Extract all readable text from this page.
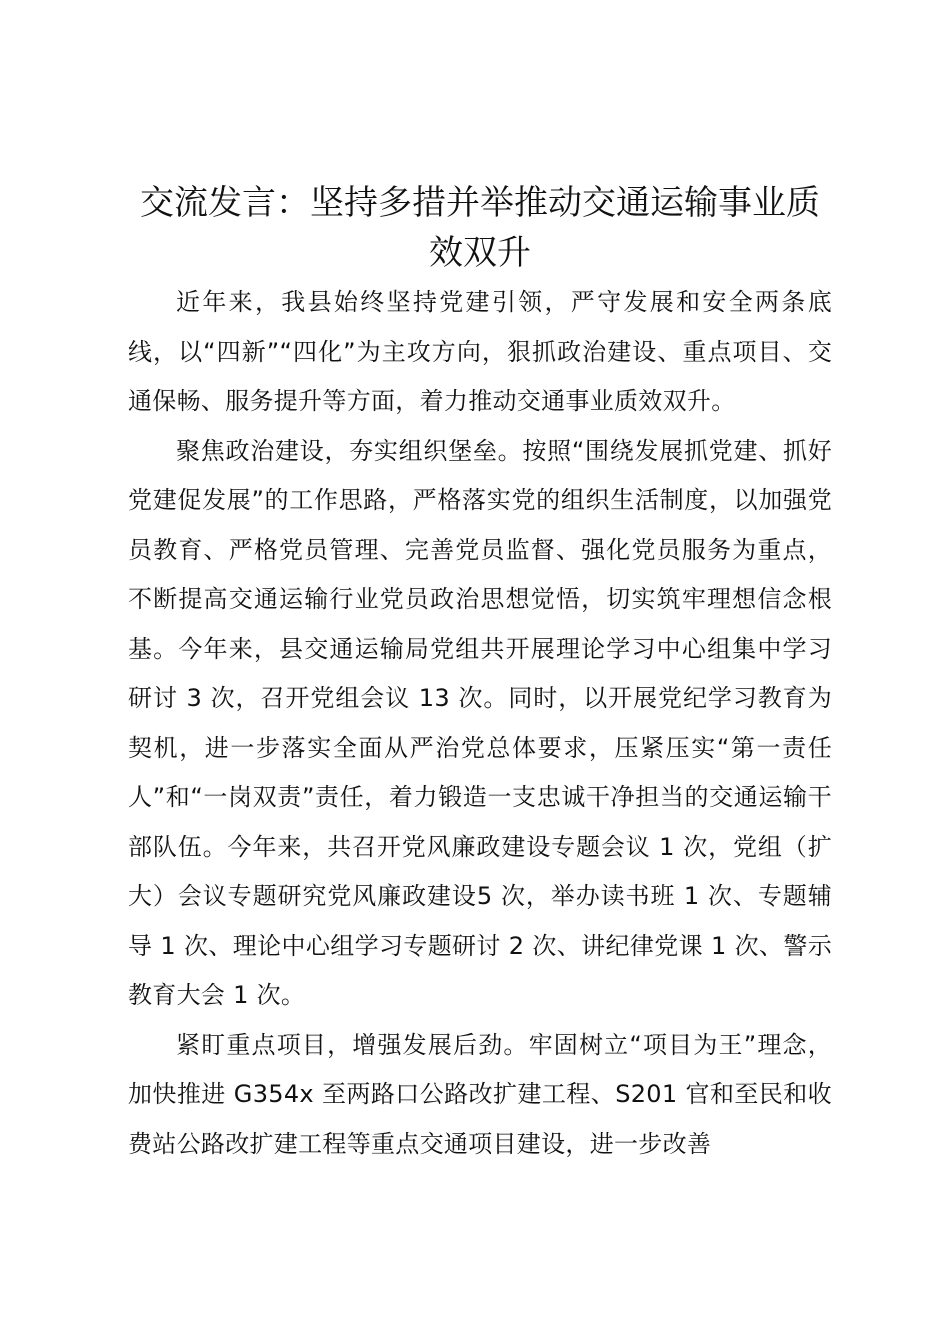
交流发言：坚持多措并举推动交通运输事业质效双升

近年来，我县始终坚持党建引领，严守发展和安全两条底线，以“四新”“四化”为主攻方向，狠抓政治建设、重点项目、交通保畅、服务提升等方面，着力推动交通事业质效双升。

聚焦政治建设，夯实组织堡垒。按照“围绕发展抓党建、抓好党建促发展”的工作思路，严格落实党的组织生活制度，以加强党员教育、严格党员管理、完善党员监督、强化党员服务为重点，不断提高交通运输行业党员政治思想觉悟，切实筑牢理想信念根基。今年来，县交通运输局党组共开展理论学习中心组集中学习研讨 3 次，召开党组会议 13 次。同时，以开展党纪学习教育为契机，进一步落实全面从严治党总体要求，压紧压实“第一责任人”和“一岗双责”责任，着力锻造一支忠诚干净担当的交通运输干部队伍。今年来，共召开党风廉政建设专题会议 1 次，党组（扩大）会议专题研究党风廉政建设5 次，举办读书班 1 次、专题辅导 1 次、理论中心组学习专题研讨 2 次、讲纪律党课 1 次、警示教育大会 1 次。

紧盯重点项目，增强发展后劲。牢固树立“项目为王”理念，加快推进 G354x 至两路口公路改扩建工程、S201 官和至民和收费站公路改扩建工程等重点交通项目建设，进一步改善
